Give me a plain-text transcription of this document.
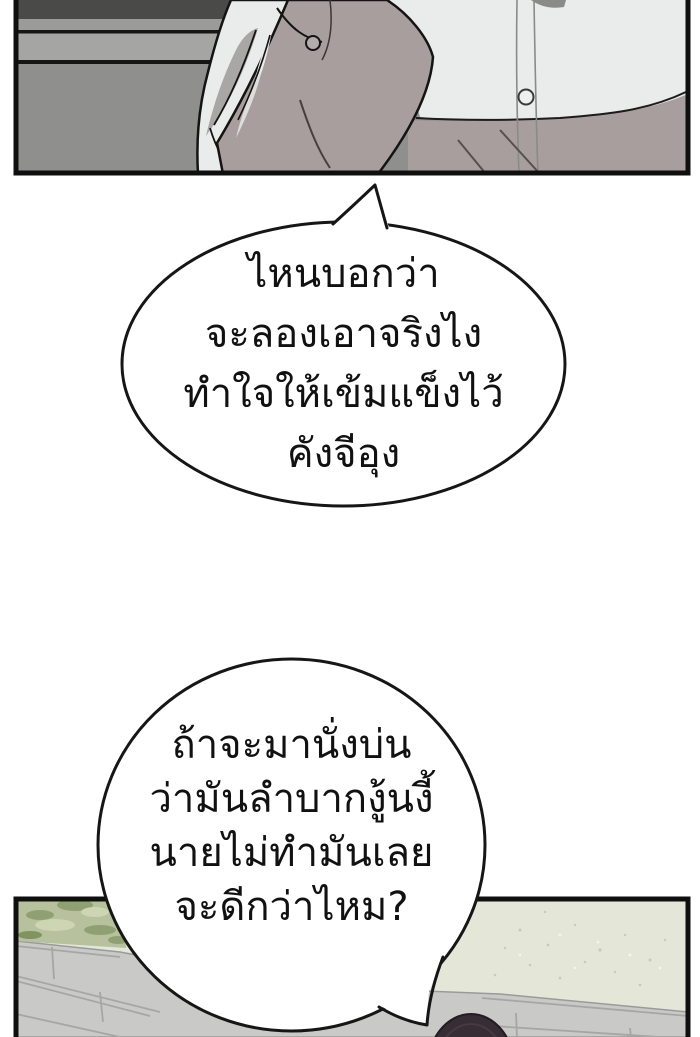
ไหนบอกว่า
จะลองเอาจริงไง
ทำใจให้เข้มแข็งไว้
คังจีอุง
ถ้าจะมานั่งบ่น
ว่ามันลำบากงู้นงี้
นายไม่ทำมันเลย
จะดีกว่าไหม?
